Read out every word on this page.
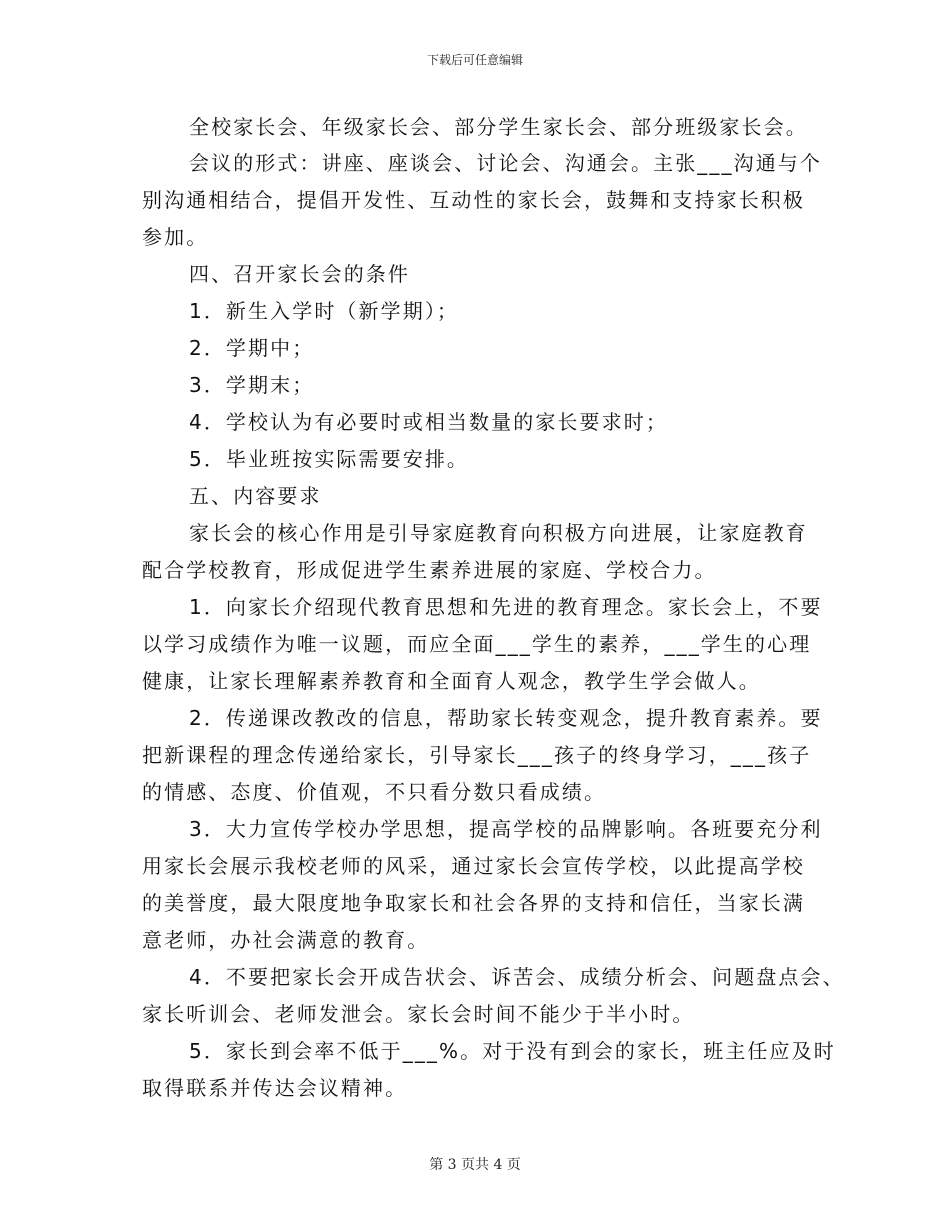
下载后可任意编辑
全校家长会、年级家长会、部分学生家长会、部分班级家长会。
会议的形式：讲座、座谈会、讨论会、沟通会。主张___沟通与个
别沟通相结合，提倡开发性、互动性的家长会，鼓舞和支持家长积极
参加。
四、召开家长会的条件
1．新生入学时（新学期）；
2．学期中；
3．学期末；
4．学校认为有必要时或相当数量的家长要求时；
5．毕业班按实际需要安排。
五、内容要求
家长会的核心作用是引导家庭教育向积极方向进展，让家庭教育
配合学校教育，形成促进学生素养进展的家庭、学校合力。
1．向家长介绍现代教育思想和先进的教育理念。家长会上，不要
以学习成绩作为唯一议题，而应全面___学生的素养，___学生的心理
健康，让家长理解素养教育和全面育人观念，教学生学会做人。
2．传递课改教改的信息，帮助家长转变观念，提升教育素养。要
把新课程的理念传递给家长，引导家长___孩子的终身学习，___孩子
的情感、态度、价值观，不只看分数只看成绩。
3．大力宣传学校办学思想，提高学校的品牌影响。各班要充分利
用家长会展示我校老师的风采，通过家长会宣传学校，以此提高学校
的美誉度，最大限度地争取家长和社会各界的支持和信任，当家长满
意老师，办社会满意的教育。
4．不要把家长会开成告状会、诉苦会、成绩分析会、问题盘点会、
家长听训会、老师发泄会。家长会时间不能少于半小时。
5．家长到会率不低于___%。对于没有到会的家长，班主任应及时
取得联系并传达会议精神。
第 3 页共 4 页
